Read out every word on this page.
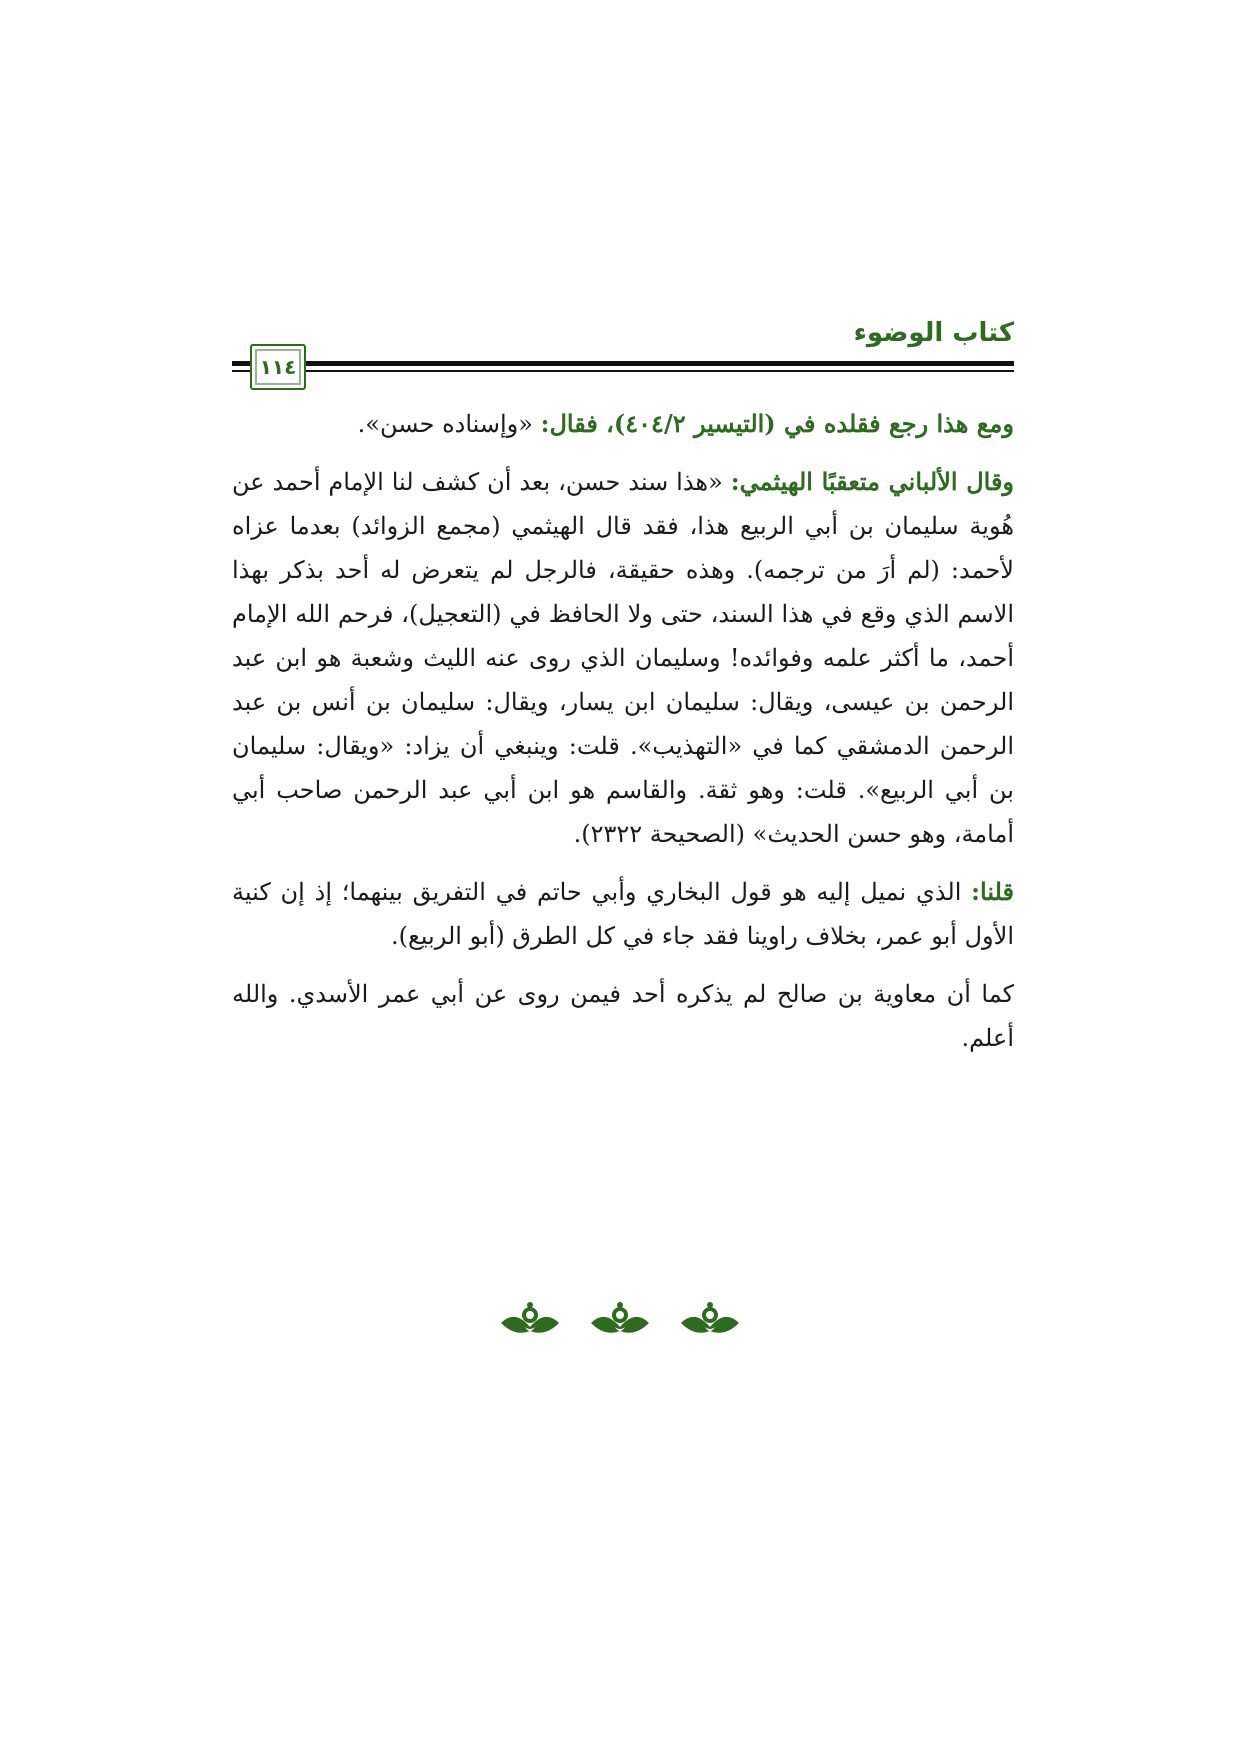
كتاب الوضوء
١١٤

ومع هذا رجع فقلده في (التيسير ٤٠٤/٢)، فقال: «وإسناده حسن».

وقال الألباني متعقبًا الهيثمي: «هذا سند حسن، بعد أن كشف لنا الإمام أحمد عن هُوية سليمان بن أبي الربيع هذا، فقد قال الهيثمي (مجمع الزوائد) بعدما عزاه لأحمد: (لم أرَ من ترجمه). وهذه حقيقة، فالرجل لم يتعرض له أحد بذكر بهذا الاسم الذي وقع في هذا السند، حتى ولا الحافظ في (التعجيل)، فرحم الله الإمام أحمد، ما أكثر علمه وفوائده! وسليمان الذي روى عنه الليث وشعبة هو ابن عبد الرحمن بن عيسى، ويقال: سليمان ابن يسار، ويقال: سليمان بن أنس بن عبد الرحمن الدمشقي كما في «التهذيب». قلت: وينبغي أن يزاد: «ويقال: سليمان بن أبي الربيع». قلت: وهو ثقة. والقاسم هو ابن أبي عبد الرحمن صاحب أبي أمامة، وهو حسن الحديث» (الصحيحة ٢٣٢٢).

قلنا: الذي نميل إليه هو قول البخاري وأبي حاتم في التفريق بينهما؛ إذ إن كنية الأول أبو عمر، بخلاف راوينا فقد جاء في كل الطرق (أبو الربيع).

كما أن معاوية بن صالح لم يذكره أحد فيمن روى عن أبي عمر الأسدي. والله أعلم.
